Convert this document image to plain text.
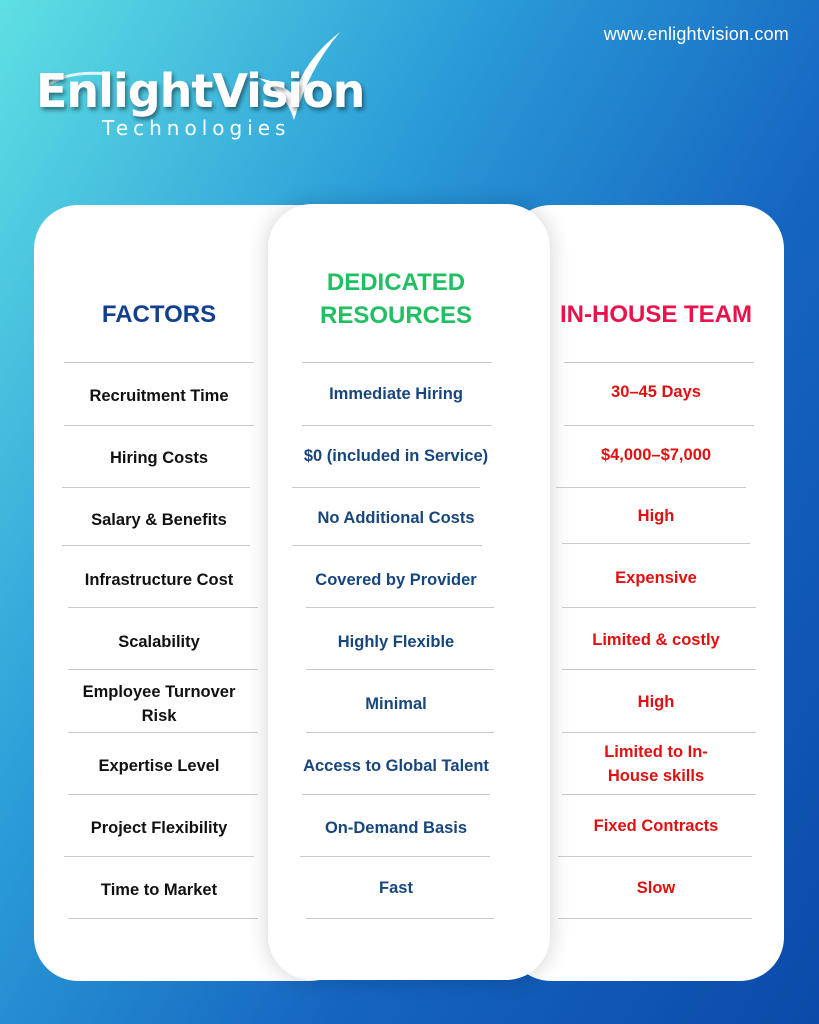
www.enlightvision.com
EnlightVision
Technologies
FACTORS
Recruitment Time
Hiring Costs
Salary & Benefits
Infrastructure Cost
Scalability
Employee Turnover Risk
Expertise Level
Project Flexibility
Time to Market
DEDICATED RESOURCES
Immediate Hiring
$0 (included in Service)
No Additional Costs
Covered by Provider
Highly Flexible
Minimal
Access to Global Talent
On-Demand Basis
Fast
IN-HOUSE TEAM
30–45 Days
$4,000–$7,000
High
Expensive
Limited & costly
High
Limited to In-House skills
Fixed Contracts
Slow
